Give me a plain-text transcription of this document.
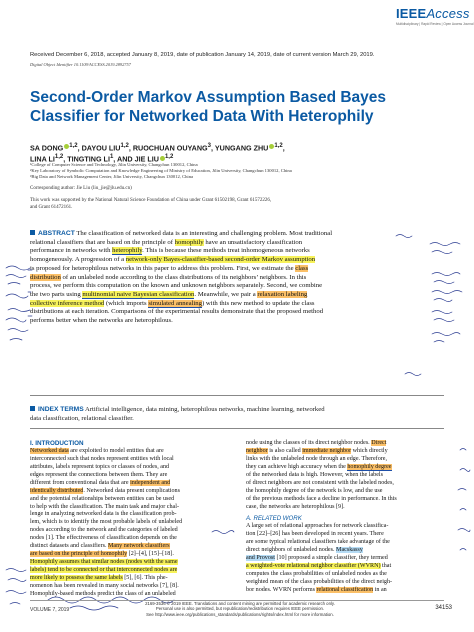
IEEEAccess
Multidisciplinary | Rapid Review | Open Access Journal
Received December 6, 2018, accepted January 8, 2019, date of publication January 14, 2019, date of current version March 29, 2019.
Digital Object Identifier 10.1109/ACCESS.2019.2892757
Second-Order Markov Assumption Based Bayes
Classifier for Networked Data With Heterophily
SA DONG $^{1,2}$, DAYOU LIU$^{1,2}$, RUOCHUAN OUYANG$^3$, YUNGANG ZHU $^{1,2}$,
LINA LI$^{1,2}$, TINGTING $LI^1$, AND JIE LIU $^{1,2}$
¹College of Computer Science and Technology, Jilin University, Changchun 130012, China
²Key Laboratory of Symbolic Computation and Knowledge Engineering of Ministry of Education, Jilin University, Changchun 130012, China
³Big Data and Network Management Center, Jilin University, Changchun 130012, China
Corresponding author: Jie Liu (liu_jie@jlu.edu.cn)
This work was supported by the National Natural Science Foundation of China under Grant 61502198, Grant 61572226,
and Grant 61472161.
ABSTRACT The classification of networked data is an interesting and challenging problem. Most traditional
relational classifiers that are based on the principle of homophily have an unsatisfactory classification
performance in networks with heterophily. This is because these methods treat inhomogeneous networks
homogeneously. A progression of a network-only Bayes-classifier-based second-order Markov assumption
is proposed for heterophilous networks in this paper to address this problem. First, we estimate the class
distribution of an unlabeled node according to the class distributions of its neighbors’ neighbors. In this
process, we perform this computation on the known and unknown neighbors separately. Second, we combine
the two parts using multinomial naive Bayesian classification. Meanwhile, we pair a relaxation labeling
collective inference method (which imports simulated annealing) with this new method to update the class
distributions at each iteration. Comparisons of the experimental results demonstrate that the proposed method
performs better when the networks are heterophilous.
INDEX TERMS Artificial intelligence, data mining, heterophilous networks, machine learning, networked
data classification, relational classifier.
I. INTRODUCTION
Networked data are exploited to model entities that are
interconnected such that nodes represent entities with local
attributes, labels represent topics or classes of nodes, and
edges represent the connections between them. They are
different from conventional data that are independent and
identically distributed. Networked data present complications
and the potential relationships between entities can be used
to help with the classification. The main task and major chal-
lenge in analyzing networked data is the classification prob-
lem, which is to identify the most probable labels of unlabeled
nodes according to the network and the categories of labeled
nodes [1]. The effectiveness of classification depends on the
distinct datasets and classifiers. Many network classifiers
are based on the principle of homophily [2]–[4], [15]–[18].
Homophily assumes that similar nodes (nodes with the same
labels) tend to be connected or that interconnected nodes are
more likely to possess the same labels [5], [6]. This phe-
nomenon has been revealed in many social networks [7], [8].
Homophily-based methods predict the class of an unlabeled
node using the classes of its direct neighbor nodes. Direct
neighbor is also called immediate neighbor which directly
links with the unlabeled node through an edge. Therefore,
they can achieve high accuracy when the homophily degree
of the networked data is high. However, when the labels
of direct neighbors are not consistent with the labeled nodes,
the homophily degree of the network is low, and the use
of the previous methods face a decline in performance. In this
case, the networks are heterophilous [9].
A. RELATED WORK
A large set of relational approaches for network classifica-
tion [22]–[26] has been developed in recent years. There
are some typical relational classifiers take advantage of the
direct neighbors of unlabeled nodes. Macskassy
and Provost [10] proposed a simple classifier, they termed
a weighted-vote relational neighbor classifier (WVRN) that
computes the class probabilities of unlabeled nodes as the
weighted mean of the class probabilities of the direct neigh-
bor nodes. WVRN performs relational classification in an
VOLUME 7, 2019
2169-3536 © 2019 IEEE. Translations and content mining are permitted for academic research only.
Personal use is also permitted, but republication/redistribution requires IEEE permission.
See http://www.ieee.org/publications_standards/publications/rights/index.html for more information.
34153
